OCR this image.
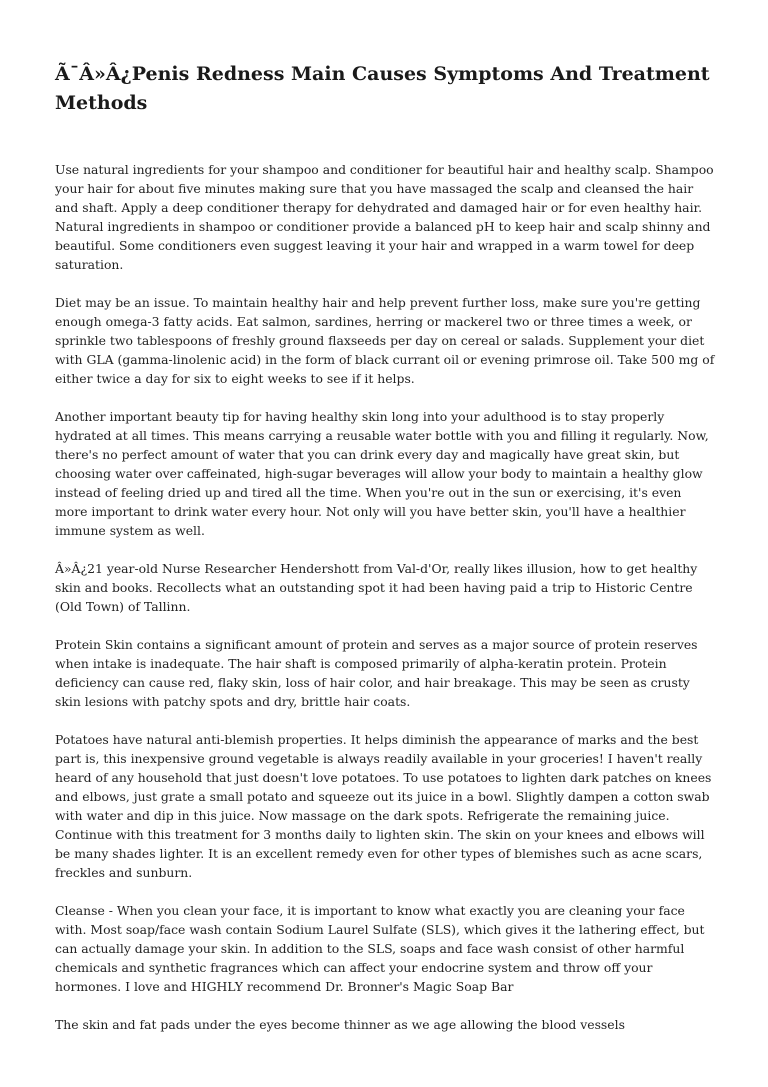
Ã¯Â»Â¿Penis Redness Main Causes Symptoms And Treatment Methods

Use natural ingredients for your shampoo and conditioner for beautiful hair and healthy scalp. Shampoo your hair for about five minutes making sure that you have massaged the scalp and cleansed the hair and shaft. Apply a deep conditioner therapy for dehydrated and damaged hair or for even healthy hair. Natural ingredients in shampoo or conditioner provide a balanced pH to keep hair and scalp shinny and beautiful. Some conditioners even suggest leaving it your hair and wrapped in a warm towel for deep saturation.

Diet may be an issue. To maintain healthy hair and help prevent further loss, make sure you're getting enough omega-3 fatty acids. Eat salmon, sardines, herring or mackerel two or three times a week, or sprinkle two tablespoons of freshly ground flaxseeds per day on cereal or salads. Supplement your diet with GLA (gamma-linolenic acid) in the form of black currant oil or evening primrose oil. Take 500 mg of either twice a day for six to eight weeks to see if it helps.

Another important beauty tip for having healthy skin long into your adulthood is to stay properly hydrated at all times. This means carrying a reusable water bottle with you and filling it regularly. Now, there's no perfect amount of water that you can drink every day and magically have great skin, but choosing water over caffeinated, high-sugar beverages will allow your body to maintain a healthy glow instead of feeling dried up and tired all the time. When you're out in the sun or exercising, it's even more important to drink water every hour. Not only will you have better skin, you'll have a healthier immune system as well.

Â»Â¿21 year-old Nurse Researcher Hendershott from Val-d'Or, really likes illusion, how to get healthy skin and books. Recollects what an outstanding spot it had been having paid a trip to Historic Centre (Old Town) of Tallinn.

Protein Skin contains a significant amount of protein and serves as a major source of protein reserves when intake is inadequate. The hair shaft is composed primarily of alpha-keratin protein. Protein deficiency can cause red, flaky skin, loss of hair color, and hair breakage. This may be seen as crusty skin lesions with patchy spots and dry, brittle hair coats.

Potatoes have natural anti-blemish properties. It helps diminish the appearance of marks and the best part is, this inexpensive ground vegetable is always readily available in your groceries! I haven't really heard of any household that just doesn't love potatoes. To use potatoes to lighten dark patches on knees and elbows, just grate a small potato and squeeze out its juice in a bowl. Slightly dampen a cotton swab with water and dip in this juice. Now massage on the dark spots. Refrigerate the remaining juice. Continue with this treatment for 3 months daily to lighten skin. The skin on your knees and elbows will be many shades lighter. It is an excellent remedy even for other types of blemishes such as acne scars, freckles and sunburn.

Cleanse - When you clean your face, it is important to know what exactly you are cleaning your face with. Most soap/face wash contain Sodium Laurel Sulfate (SLS), which gives it the lathering effect, but can actually damage your skin. In addition to the SLS, soaps and face wash consist of other harmful chemicals and synthetic fragrances which can affect your endocrine system and throw off your hormones. I love and HIGHLY recommend Dr. Bronner's Magic Soap Bar

The skin and fat pads under the eyes become thinner as we age allowing the blood vessels
